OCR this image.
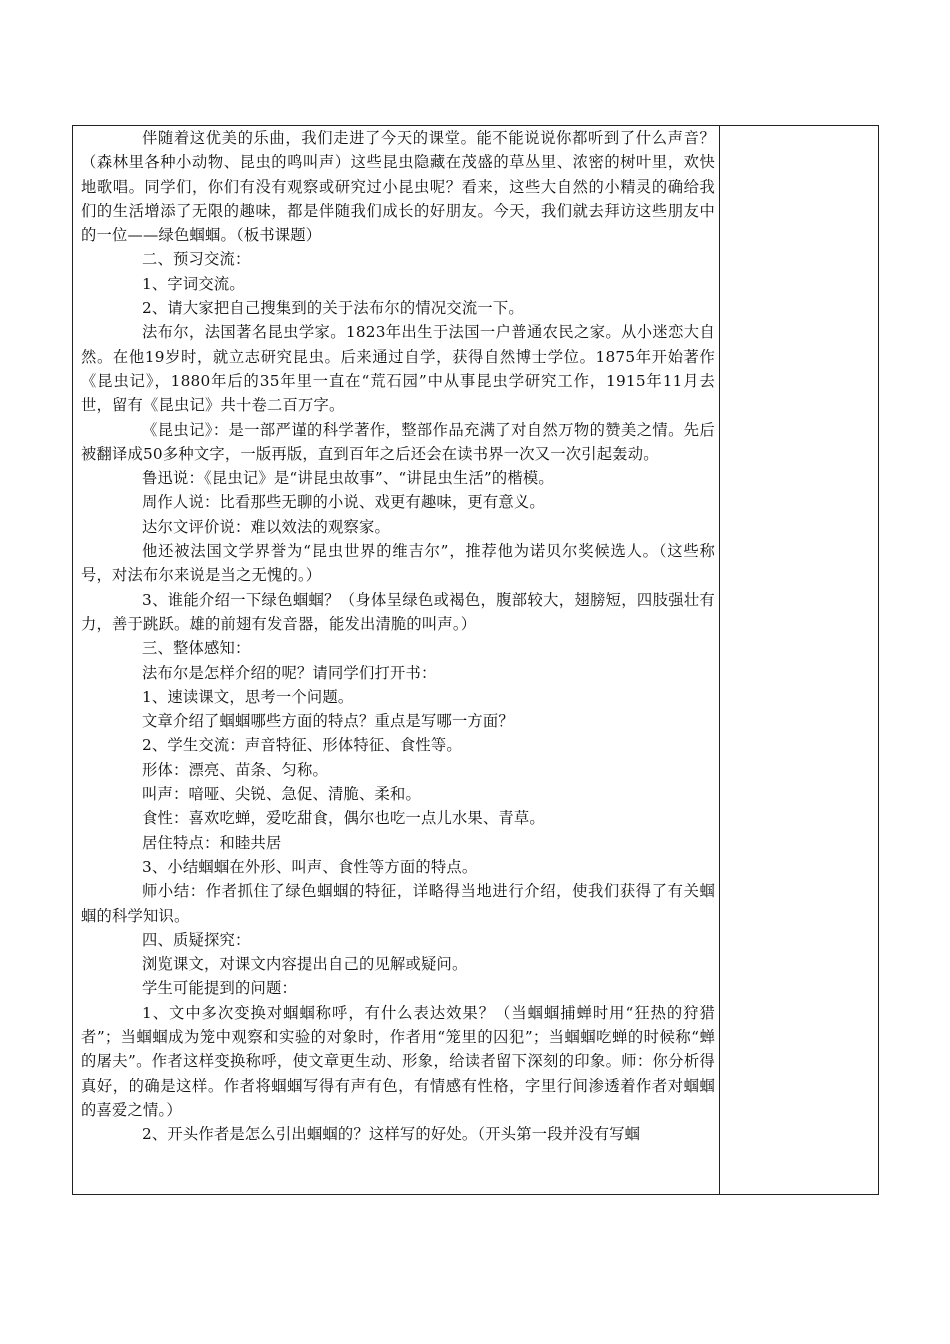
伴随着这优美的乐曲，我们走进了今天的课堂。能不能说说你都听到了什么声音？（森林里各种小动物、昆虫的鸣叫声）这些昆虫隐藏在茂盛的草丛里、浓密的树叶里，欢快地歌唱。同学们，你们有没有观察或研究过小昆虫呢？看来，这些大自然的小精灵的确给我们的生活增添了无限的趣味，都是伴随我们成长的好朋友。今天，我们就去拜访这些朋友中的一位——绿色蝈蝈。（板书课题）

二、预习交流：

1、字词交流。

2、请大家把自己搜集到的关于法布尔的情况交流一下。

法布尔，法国著名昆虫学家。1823年出生于法国一户普通农民之家。从小迷恋大自然。在他19岁时，就立志研究昆虫。后来通过自学，获得自然博士学位。1875年开始著作《昆虫记》，1880年后的35年里一直在“荒石园”中从事昆虫学研究工作，1915年11月去世，留有《昆虫记》共十卷二百万字。

《昆虫记》：是一部严谨的科学著作，整部作品充满了对自然万物的赞美之情。先后被翻译成50多种文字，一版再版，直到百年之后还会在读书界一次又一次引起轰动。

鲁迅说：《昆虫记》是“讲昆虫故事”、“讲昆虫生活”的楷模。

周作人说：比看那些无聊的小说、戏更有趣味，更有意义。

达尔文评价说：难以效法的观察家。

他还被法国文学界誉为“昆虫世界的维吉尔”，推荐他为诺贝尔奖候选人。（这些称号，对法布尔来说是当之无愧的。）

3、谁能介绍一下绿色蝈蝈？（身体呈绿色或褐色，腹部较大，翅膀短，四肢强壮有力，善于跳跃。雄的前翅有发音器，能发出清脆的叫声。）

三、整体感知：

法布尔是怎样介绍的呢？请同学们打开书：

1、速读课文，思考一个问题。

文章介绍了蝈蝈哪些方面的特点？重点是写哪一方面？

2、学生交流：声音特征、形体特征、食性等。

形体：漂亮、苗条、匀称。

叫声：喑哑、尖锐、急促、清脆、柔和。

食性：喜欢吃蝉，爱吃甜食，偶尔也吃一点儿水果、青草。

居住特点：和睦共居

3、小结蝈蝈在外形、叫声、食性等方面的特点。

师小结：作者抓住了绿色蝈蝈的特征，详略得当地进行介绍，使我们获得了有关蝈蝈的科学知识。

四、质疑探究：

浏览课文，对课文内容提出自己的见解或疑问。

学生可能提到的问题：

1、文中多次变换对蝈蝈称呼，有什么表达效果？（当蝈蝈捕蝉时用“狂热的狩猎者”；当蝈蝈成为笼中观察和实验的对象时，作者用“笼里的囚犯”；当蝈蝈吃蝉的时候称“蝉的屠夫”。作者这样变换称呼，使文章更生动、形象，给读者留下深刻的印象。师：你分析得真好，的确是这样。作者将蝈蝈写得有声有色，有情感有性格，字里行间渗透着作者对蝈蝈的喜爱之情。）

2、开头作者是怎么引出蝈蝈的？这样写的好处。（开头第一段并没有写蝈
